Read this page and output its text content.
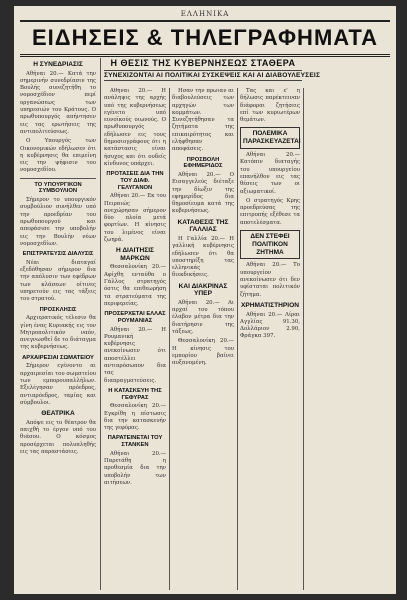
ΕΛΛΗΝΙΚΑ
ΕΙΔΗΣΕΙΣ & ΤΗΛΕΓΡΑΦΗΜΑΤΑ
Η ΣΥΝΕΔΡΙΑΣΙΣ

Αθήναι 20.— Κατά την σημερινήν συνεδρίασιν της Βουλής συνεζητήθη το νομοσχέδιον περί οργανώσεως των υπηρεσιών του Κράτους. Ο πρωθυπουργός απήντησεν εις τας ερωτήσεις της αντιπολιτεύσεως.

Ο Υπουργός των Οικονομικών εδήλωσεν ότι η κυβέρνησις θα επιμείνη εις την ψήφισιν του νομοσχεδίου.

ΤΟ ΥΠΟΥΡΓΙΚΟΝ ΣΥΜΒΟΥΛΙΟΝ

Σήμερον το υπουργικόν συμβούλιον συνήλθεν υπό την προεδρίαν του πρωθυπουργού και απεφάσισε την υποβολήν εις την Βουλήν νέων νομοσχεδίων.

ΕΠΙΣΤΡΑΤΕΥΣΙΣ ΔΙΑΛΥΣΙΣ

Νέαι διαταγαί εξεδόθησαν σήμερον δια την απόλυσιν των εφέδρων των κλάσεων οίτινες υπηρετούν εις τας τάξεις του στρατού.

ΠΡΟΣΚΛΗΣΙΣ

Αρχιερατικός τέλεσιν θα γίνη ένας Κυριακής εις τον Μητροπολιτικόν ναόν, ανεγνωσθεί δε το διάταγμα της κυβερνήσεως.

ΑΡΧΑΙΡΕΣΙΑΙ ΣΩΜΑΤΕΙΟΥ

Σήμερον εγένοντο αι αρχαιρεσίαι του σωματείου των εμπορουπαλλήλων. Εξελέγησαν πρόεδρος, αντιπρόεδρος, ταμίας και σύμβουλοι.

ΘΕΑΤΡΙΚΑ

Απόψε εις το θέατρον θα παιχθή το έργον υπό του θιάσου. Ο κόσμος προσέρχεται πολυπληθής εις τας παραστάσεις.

Η ΘΕΣΙΣ ΤΗΣ ΚΥΒΕΡΝΗΣΕΩΣ ΣΤΑΘΕΡΑ
ΣΥΝΕΧΙΖΟΝΤΑΙ ΑΙ ΠΟΛΙΤΙΚΑΙ ΣΥΣΚΕΨΕΙΣ ΚΑΙ ΑΙ ΔΙΑΒΟΥΛΕΥΣΕΙΣ

Αθήναι 20.— Η ανάληψις της αρχής υπό της κυβερνήσεως εγένετο υπό ευνοϊκούς οιωνούς. Ο πρωθυπουργός εδήλωσεν εις τους δημοσιογράφους ότι η κατάστασις είναι ήσυχος και ότι ουδείς κίνδυνος υπάρχει.

ΠΡΟΤΑΣΕΙΣ ΔΙΑ ΤΗΝ ΤΟΥ ΔΙΑΦ. ΓΕΛΥΓΑΝΟΝ

Αθήναι 20.— Εκ του Πειραιώς ανεχώρησαν σήμερον δύο πλοία μετά φορτίων. Η κίνησις του λιμένος είναι ζωηρά.

Η ΔΙΑΙΤΗΣΙΣ ΜΑΡΚΩΝ

Θεσσαλονίκη 20.— Αφίχθη ενταύθα ο Γάλλος στρατηγός όστις θα επιθεωρήση τα στρατεύματα της περιφερείας.

ΠΡΟΣΕΡΧΕΤΑΙ ΕΛΛΑΣ ΡΟΥΜΑΝΙΑΣ

Αθήναι 20.— Η Ρουμανική κυβέρνησις ανεκοίνωσεν ότι αποστέλλει αντιπρόσωπον δια τας διαπραγματεύσεις.

Η ΚΑΤΑΣΚΕΥΗ ΤΗΣ ΓΕΦΥΡΑΣ

Θεσσαλονίκη 20.— Εγκρίθη η πίστωσις δια την κατασκευήν της γεφύρας.

ΠΑΡΑΤΕΙΝΕΤΑΙ ΤΟΥ ΣΤΑΝΚΕΝ

Αθήναι 20.— Παρετάθη η προθεσμία δια την υποβολήν των αιτήσεων.

Ησαν την πρωΐαν αι διαβουλεύσεις των αρχηγών των κομμάτων. Συνεζητήθησαν τα ζητήματα της επικαιρότητος και ελήφθησαν αποφάσεις.

ΠΡΟΣΒΟΛΗ ΕΦΗΜΕΡΙΔΟΣ

Αθήναι 20.— Ο Εισαγγελεύς διέταξε την δίωξιν της εφημερίδος δια δημοσίευμα κατά της κυβερνήσεως.

ΚΑΤΑΘΕΣΙΣ ΤΗΣ ΓΑΛΛΙΑΣ

Η Γαλλία 20.— Η γαλλική κυβέρνησις εδήλωσεν ότι θα υποστηρίξη τας ελληνικάς διεκδικήσεις.

ΚΑΙ ΔΙΑΚΡΙΝΑΣ ΥΠΕΡ

Αθήναι 20.— Αι αρχαί του τόπου έλαβον μέτρα δια την διατήρησιν της τάξεως.

Θεσσαλονίκη 20.— Η κίνησις του εμπορίου βαίνει αυξανομένη.

Τας και ε' η δήλωσις παρέκτειναν διάφοραι ζητήσεις επί των κυριωτέρων θεμάτων.

ΠΟΛΕΜΙΚΑ ΠΑΡΑΣΚΕΥΑΖΕΤΑΙ

Αθήναι 20.— Κατόπιν διαταγής του υπουργείου επανήλθον εις τας θέσεις των οι αξιωματικοί.

Ο στρατηγός Κρης προεδρεύσας της επιτροπής εξέθεσε τα αποτελέσματα.

ΔΕΝ ΣΤΕΦΕΙ ΠΟΛΙΤΙΚΟΝ ΖΗΤΗΜΑ

Αθήναι 20.— Το υπουργείον ανεκοίνωσεν ότι δεν υφίσταται πολιτικόν ζήτημα.

ΧΡΗΜΑΤΙΣΤΗΡΙΟΝ

Αθήναι 20.— Λίραι Αγγλίας 91.30, Δολλάριον 2.90, Φράγκα 397.
